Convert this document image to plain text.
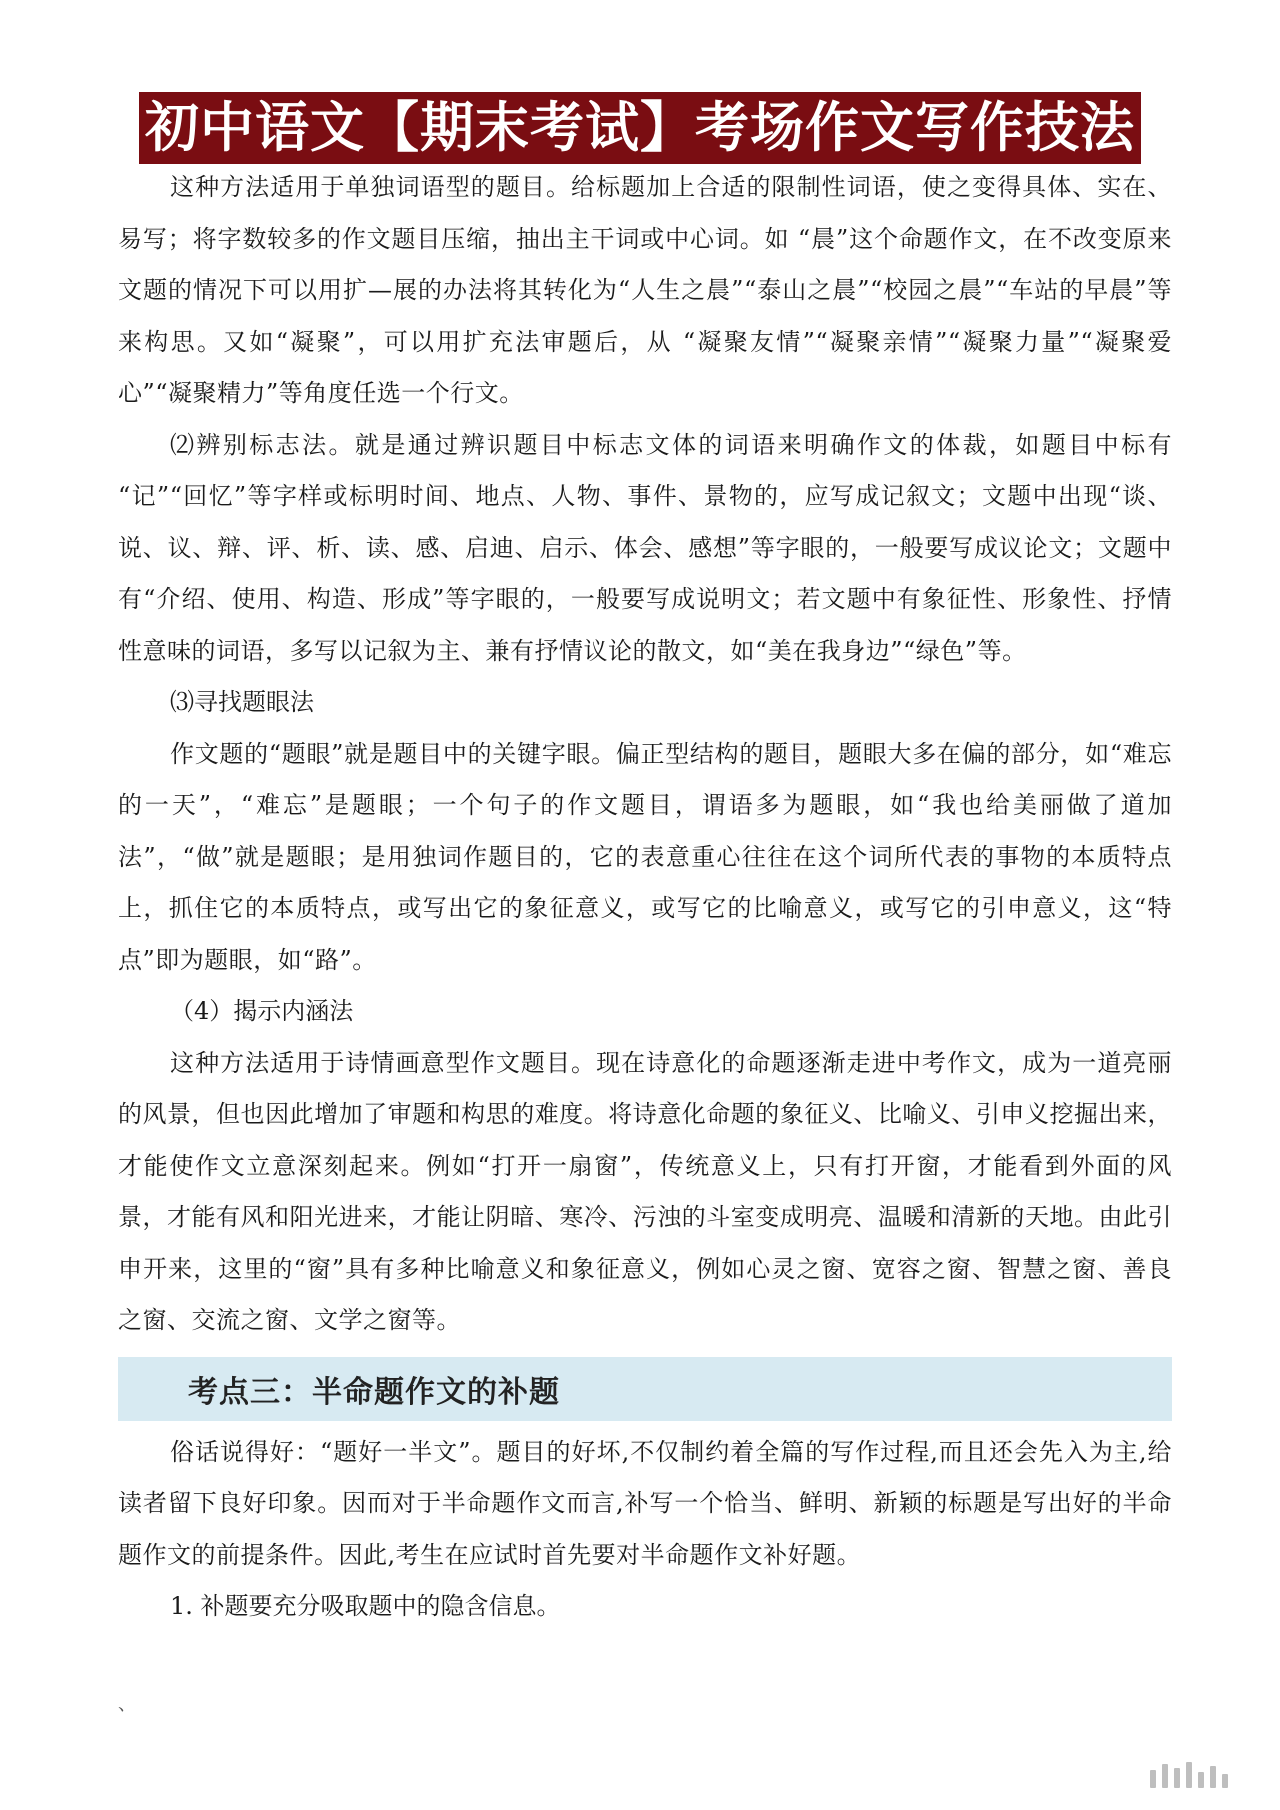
初中语文【期末考试】考场作文写作技法

这种方法适用于单独词语型的题目。给标题加上合适的限制性词语，使之变得具体、实在、易写；将字数较多的作文题目压缩，抽出主干词或中心词。如 “晨”这个命题作文，在不改变原来文题的情况下可以用扩—展的办法将其转化为“人生之晨”“泰山之晨”“校园之晨”“车站的早晨”等来构思。又如“凝聚”，可以用扩充法审题后，从 “凝聚友情”“凝聚亲情”“凝聚力量”“凝聚爱心”“凝聚精力”等角度任选一个行文。

⑵辨别标志法。就是通过辨识题目中标志文体的词语来明确作文的体裁，如题目中标有 “记”“回忆”等字样或标明时间、地点、人物、事件、景物的，应写成记叙文；文题中出现“谈、说、议、辩、评、析、读、感、启迪、启示、体会、感想”等字眼的，一般要写成议论文；文题中有“介绍、使用、构造、形成”等字眼的，一般要写成说明文；若文题中有象征性、形象性、抒情性意味的词语，多写以记叙为主、兼有抒情议论的散文，如“美在我身边”“绿色”等。

⑶寻找题眼法

作文题的“题眼”就是题目中的关键字眼。偏正型结构的题目，题眼大多在偏的部分，如“难忘的一天”，“难忘”是题眼；一个句子的作文题目，谓语多为题眼，如“我也给美丽做了道加法”，“做”就是题眼；是用独词作题目的，它的表意重心往往在这个词所代表的事物的本质特点上，抓住它的本质特点，或写出它的象征意义，或写它的比喻意义，或写它的引申意义，这“特点”即为题眼，如“路”。

（4）揭示内涵法

这种方法适用于诗情画意型作文题目。现在诗意化的命题逐渐走进中考作文，成为一道亮丽的风景，但也因此增加了审题和构思的难度。将诗意化命题的象征义、比喻义、引申义挖掘出来，才能使作文立意深刻起来。例如“打开一扇窗”，传统意义上，只有打开窗，才能看到外面的风景，才能有风和阳光进来，才能让阴暗、寒冷、污浊的斗室变成明亮、温暖和清新的天地。由此引申开来，这里的“窗”具有多种比喻意义和象征意义，例如心灵之窗、宽容之窗、智慧之窗、善良之窗、交流之窗、文学之窗等。

考点三：半命题作文的补题

俗话说得好：“题好一半文”。题目的好坏,不仅制约着全篇的写作过程,而且还会先入为主,给读者留下良好印象。因而对于半命题作文而言,补写一个恰当、鲜明、新颖的标题是写出好的半命题作文的前提条件。因此,考生在应试时首先要对半命题作文补好题。

1. 补题要充分吸取题中的隐含信息。

、
